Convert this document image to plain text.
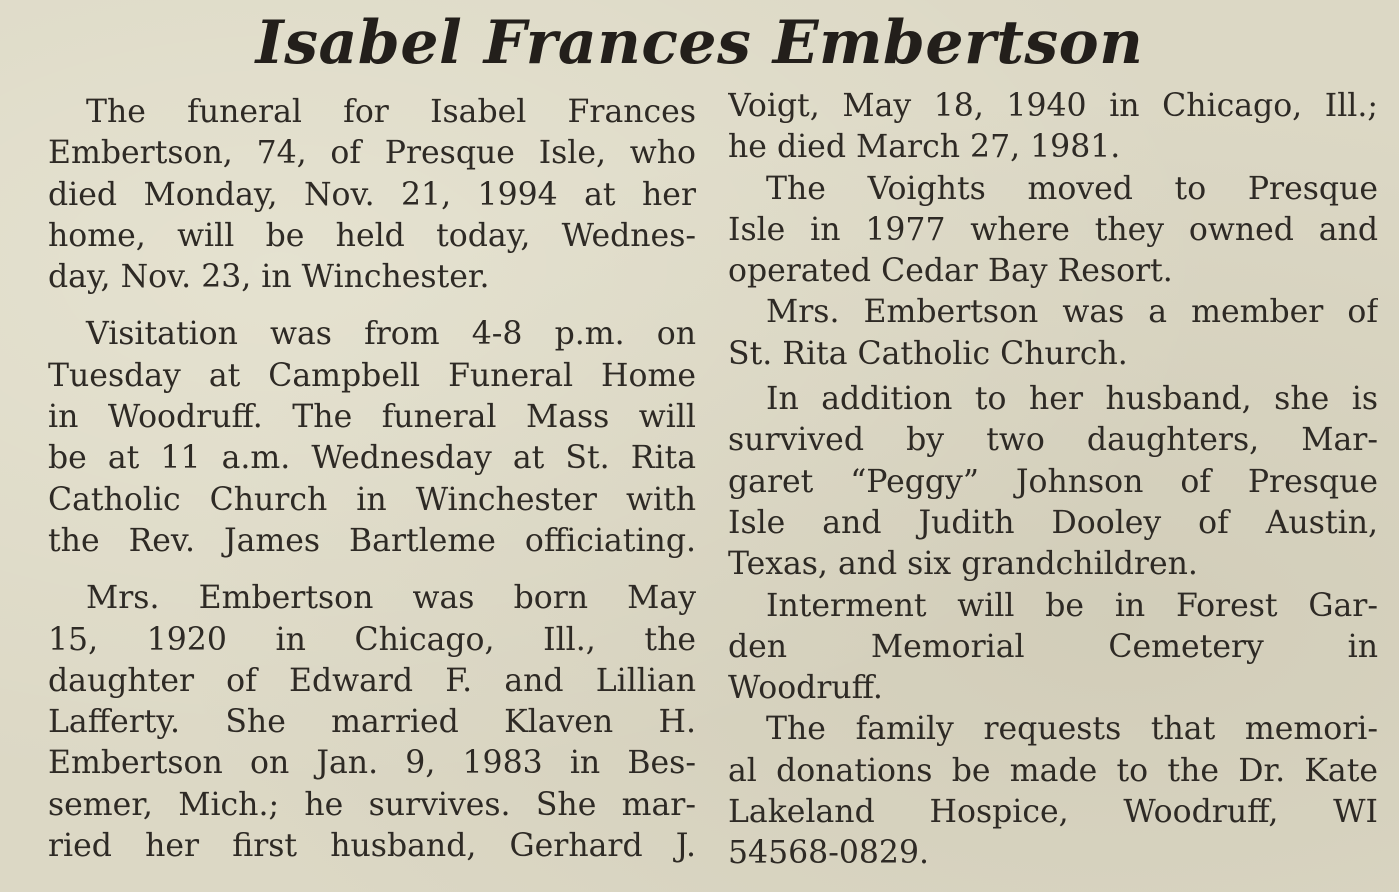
Isabel Frances Embertson
The funeral for Isabel Frances
Embertson, 74, of Presque Isle, who
died Monday, Nov. 21, 1994 at her
home, will be held today, Wednes-
day, Nov. 23, in Winchester.
Visitation was from 4-8 p.m. on
Tuesday at Campbell Funeral Home
in Woodruff. The funeral Mass will
be at 11 a.m. Wednesday at St. Rita
Catholic Church in Winchester with
the Rev. James Bartleme officiating.
Mrs. Embertson was born May
15, 1920 in Chicago, Ill., the
daughter of Edward F. and Lillian
Lafferty. She married Klaven H.
Embertson on Jan. 9, 1983 in Bes-
semer, Mich.; he survives. She mar-
ried her first husband, Gerhard J.
Voigt, May 18, 1940 in Chicago, Ill.;
he died March 27, 1981.
The Voights moved to Presque
Isle in 1977 where they owned and
operated Cedar Bay Resort.
Mrs. Embertson was a member of
St. Rita Catholic Church.
In addition to her husband, she is
survived by two daughters, Mar-
garet “Peggy” Johnson of Presque
Isle and Judith Dooley of Austin,
Texas, and six grandchildren.
Interment will be in Forest Gar-
den Memorial Cemetery in
Woodruff.
The family requests that memori-
al donations be made to the Dr. Kate
Lakeland Hospice, Woodruff, WI
54568-0829.
